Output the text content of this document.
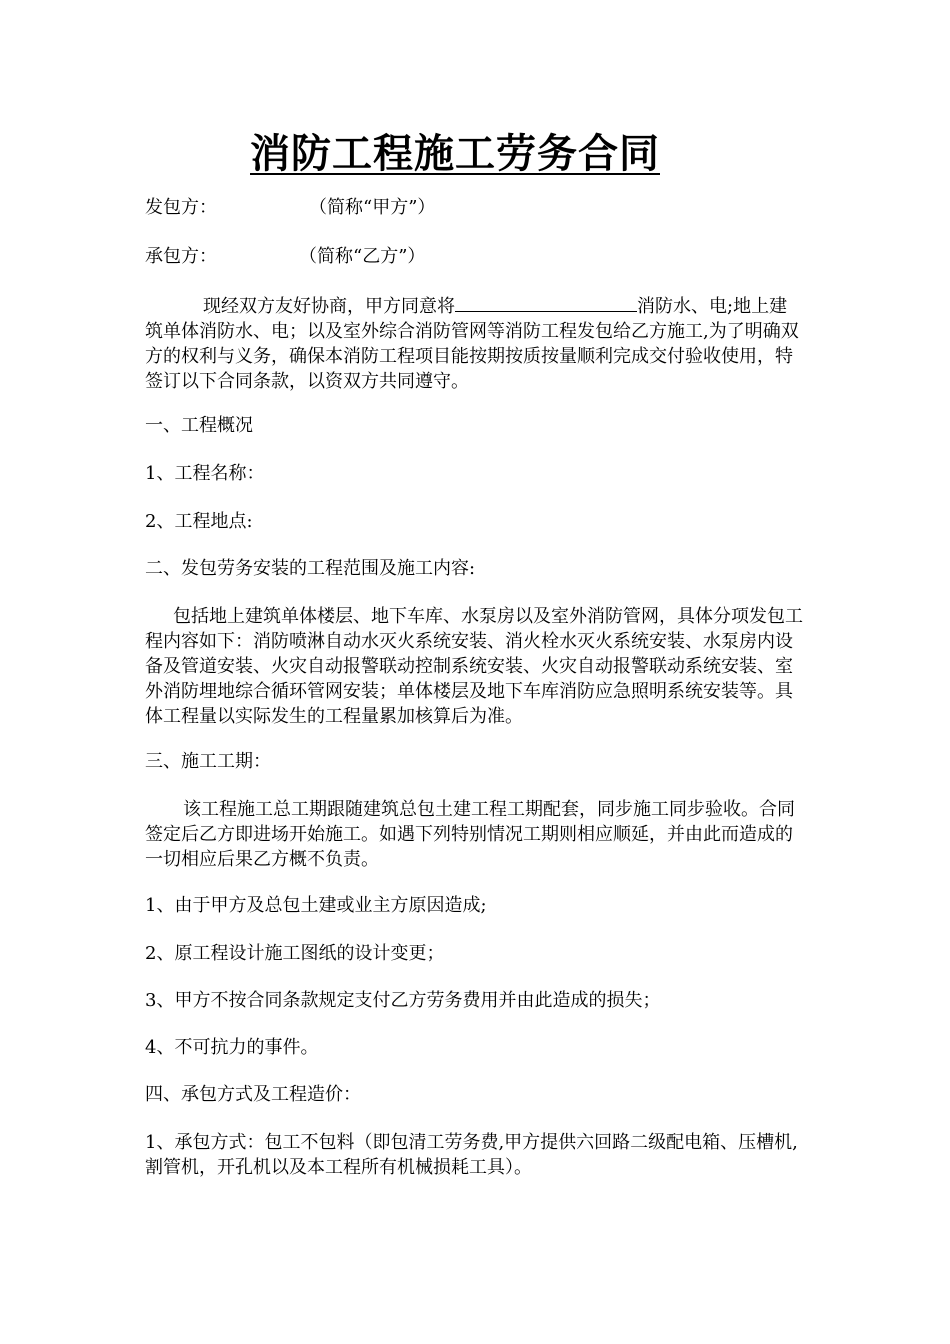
消防工程施工劳务合同
发包方：	（简称“甲方”）
承包方：	（简称“乙方”）
现经双方友好协商，甲方同意将	消防水、电;地上建筑单体消防水、电；以及室外综合消防管网等消防工程发包给乙方施工,为了明确双方的权利与义务，确保本消防工程项目能按期按质按量顺利完成交付验收使用，特签订以下合同条款，以资双方共同遵守。
一、工程概况
1、工程名称：
2、工程地点:
二、发包劳务安装的工程范围及施工内容:
包括地上建筑单体楼层、地下车库、水泵房以及室外消防管网，具体分项发包工程内容如下：消防喷淋自动水灭火系统安装、消火栓水灭火系统安装、水泵房内设备及管道安装、火灾自动报警联动控制系统安装、火灾自动报警联动系统安装、室外消防埋地综合循环管网安装；单体楼层及地下车库消防应急照明系统安装等。具体工程量以实际发生的工程量累加核算后为准。
三、施工工期：
该工程施工总工期跟随建筑总包土建工程工期配套，同步施工同步验收。合同签定后乙方即进场开始施工。如遇下列特别情况工期则相应顺延，并由此而造成的一切相应后果乙方概不负责。
1、由于甲方及总包土建或业主方原因造成;
2、原工程设计施工图纸的设计变更；
3、甲方不按合同条款规定支付乙方劳务费用并由此造成的损失；
4、不可抗力的事件。
四、承包方式及工程造价：
1、承包方式：包工不包料（即包清工劳务费,甲方提供六回路二级配电箱、压槽机,割管机，开孔机以及本工程所有机械损耗工具）。
